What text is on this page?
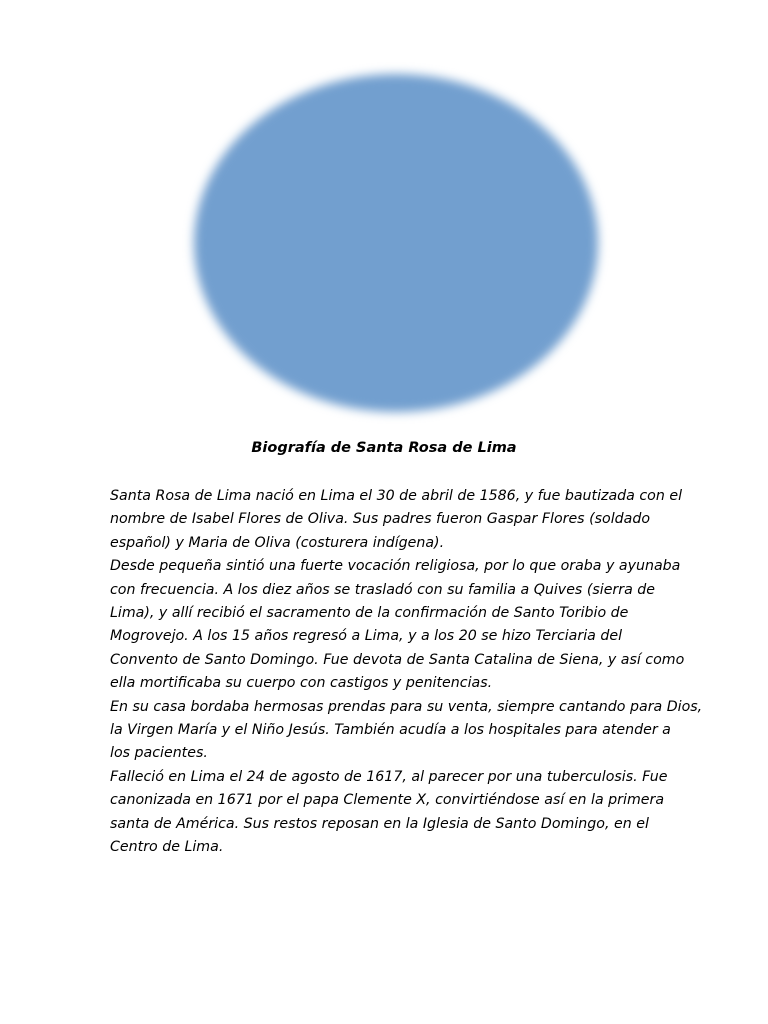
Biografía de Santa Rosa de Lima

Santa Rosa de Lima nació en Lima el 30 de abril de 1586, y fue bautizada con el
nombre de Isabel Flores de Oliva. Sus padres fueron Gaspar Flores (soldado
español) y Maria de Oliva (costurera indígena).

Desde pequeña sintió una fuerte vocación religiosa, por lo que oraba y ayunaba
con frecuencia. A los diez años se trasladó con su familia a Quives (sierra de
Lima), y allí recibió el sacramento de la confirmación de Santo Toribio de
Mogrovejo. A los 15 años regresó a Lima, y a los 20 se hizo Terciaria del
Convento de Santo Domingo. Fue devota de Santa Catalina de Siena, y así como
ella mortificaba su cuerpo con castigos y penitencias.

En su casa bordaba hermosas prendas para su venta, siempre cantando para Dios,
la Virgen María y el Niño Jesús. También acudía a los hospitales para atender a
los pacientes.

Falleció en Lima el 24 de agosto de 1617, al parecer por una tuberculosis. Fue
canonizada en 1671 por el papa Clemente X, convirtiéndose así en la primera
santa de América. Sus restos reposan en la Iglesia de Santo Domingo, en el
Centro de Lima.
